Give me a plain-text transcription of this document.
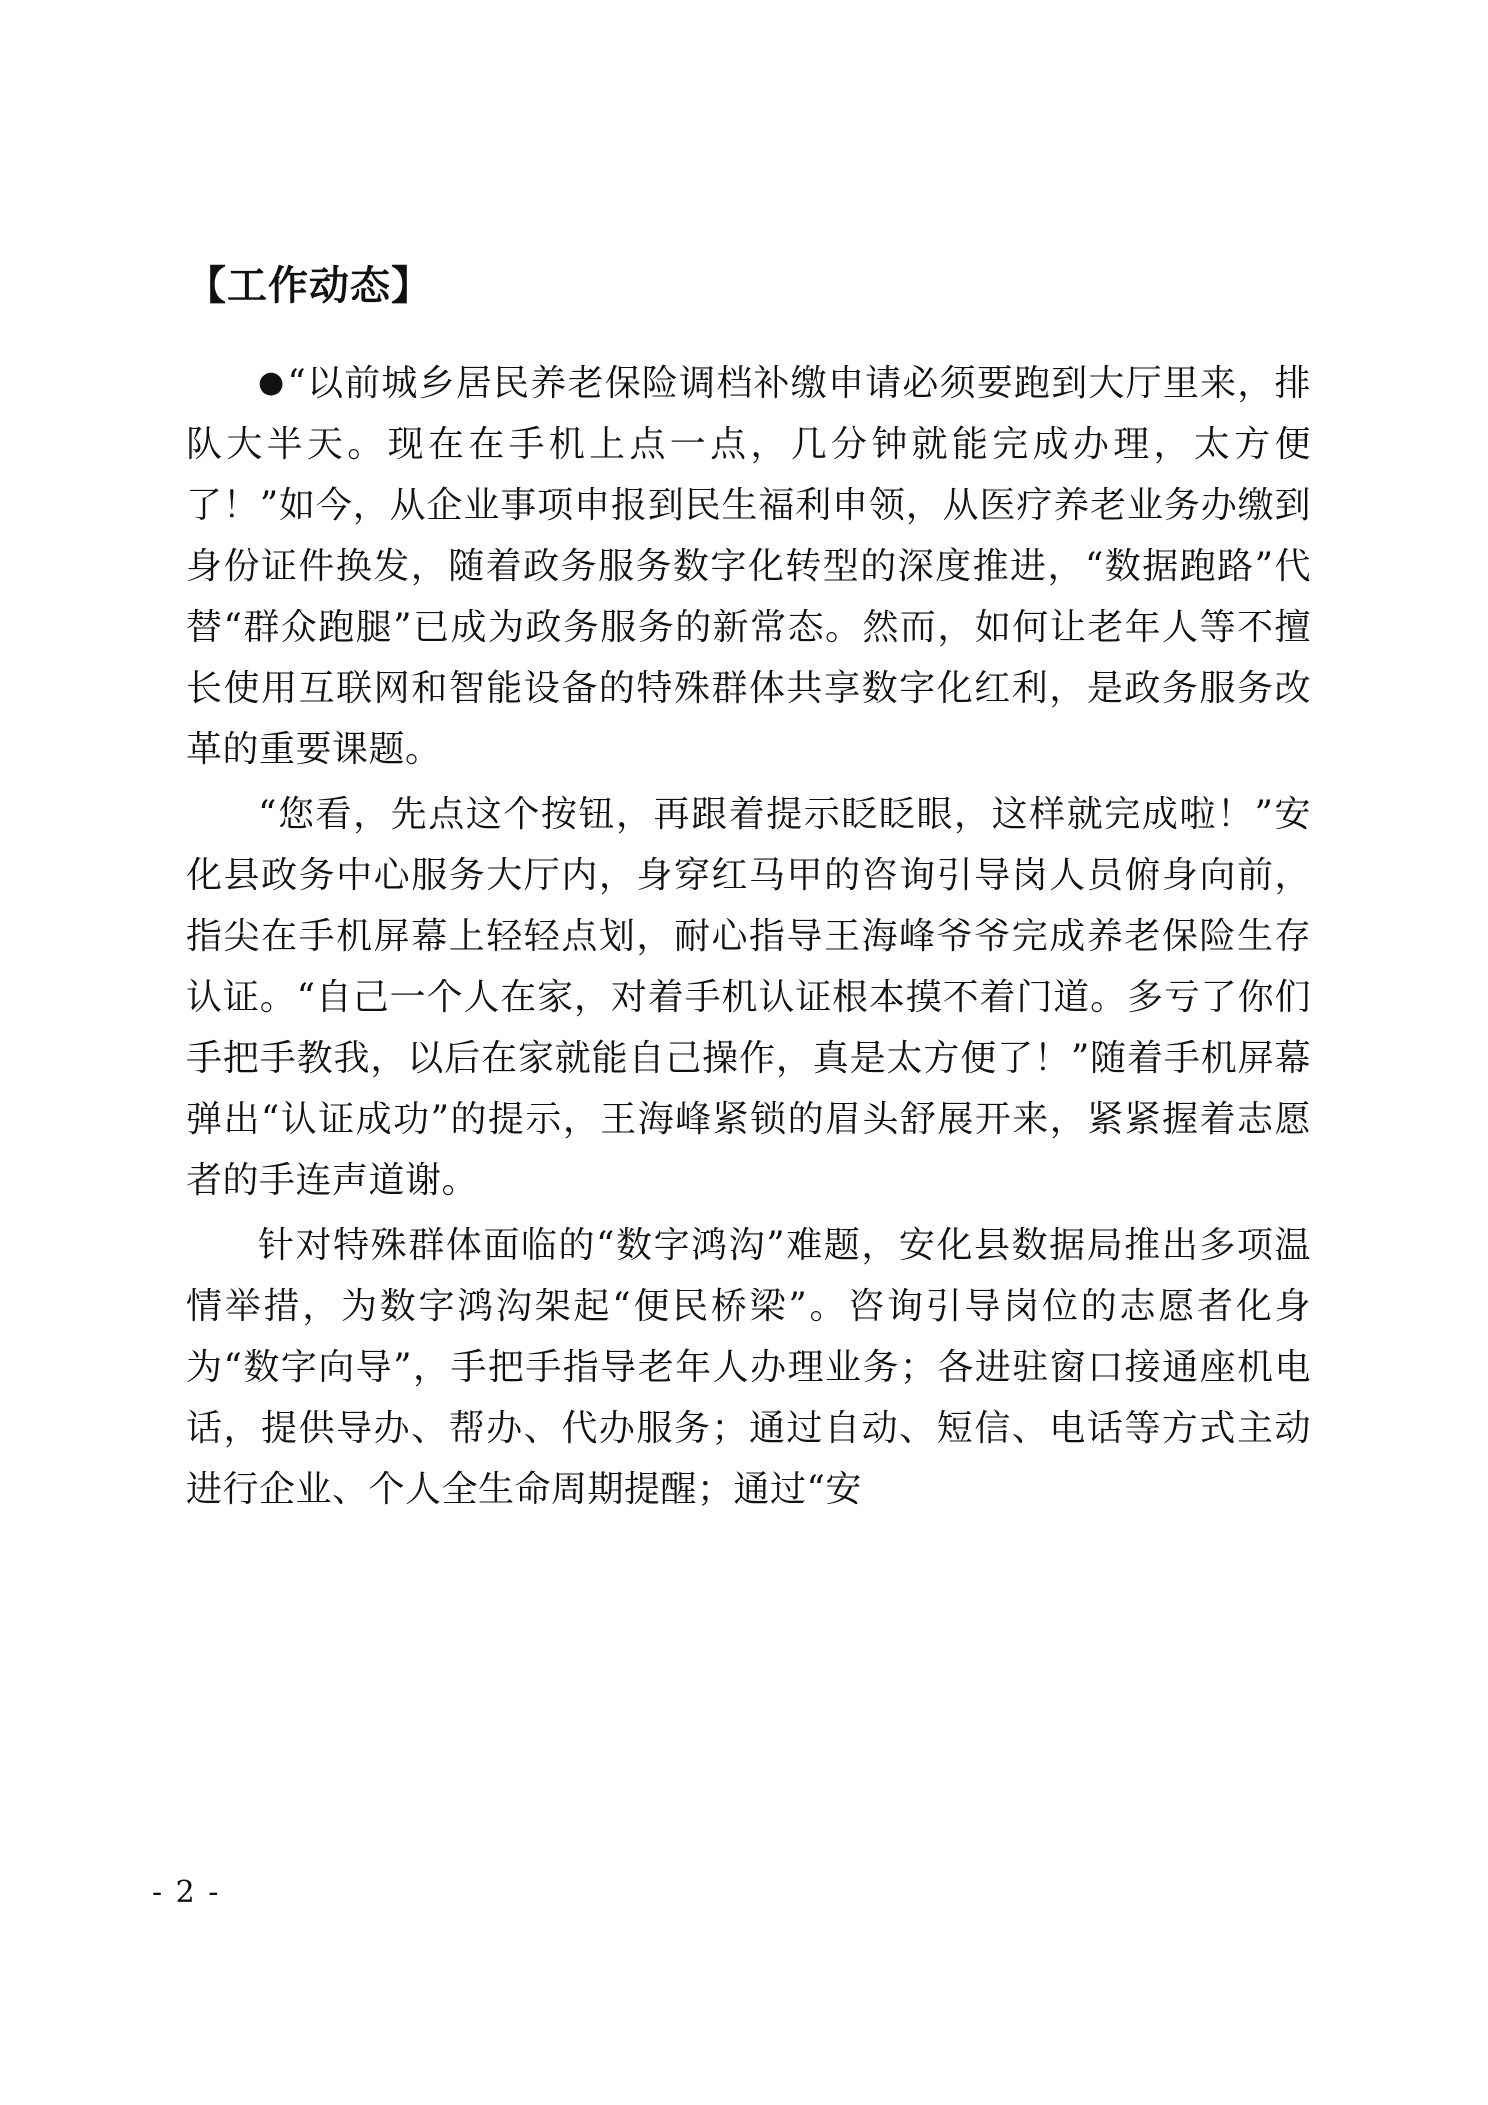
【工作动态】

●“以前城乡居民养老保险调档补缴申请必须要跑到大厅里来，排队大半天。现在在手机上点一点，几分钟就能完成办理，太方便了！”如今，从企业事项申报到民生福利申领，从医疗养老业务办缴到身份证件换发，随着政务服务数字化转型的深度推进，“数据跑路”代替“群众跑腿”已成为政务服务的新常态。然而，如何让老年人等不擅长使用互联网和智能设备的特殊群体共享数字化红利，是政务服务改革的重要课题。

“您看，先点这个按钮，再跟着提示眨眨眼，这样就完成啦！”安化县政务中心服务大厅内，身穿红马甲的咨询引导岗人员俯身向前，指尖在手机屏幕上轻轻点划，耐心指导王海峰爷爷完成养老保险生存认证。“自己一个人在家，对着手机认证根本摸不着门道。多亏了你们手把手教我，以后在家就能自己操作，真是太方便了！”随着手机屏幕弹出“认证成功”的提示，王海峰紧锁的眉头舒展开来，紧紧握着志愿者的手连声道谢。

针对特殊群体面临的“数字鸿沟”难题，安化县数据局推出多项温情举措，为数字鸿沟架起“便民桥梁”。咨询引导岗位的志愿者化身为“数字向导”，手把手指导老年人办理业务；各进驻窗口接通座机电话，提供导办、帮办、代办服务；通过自动、短信、电话等方式主动进行企业、个人全生命周期提醒；通过“安

- 2 -
